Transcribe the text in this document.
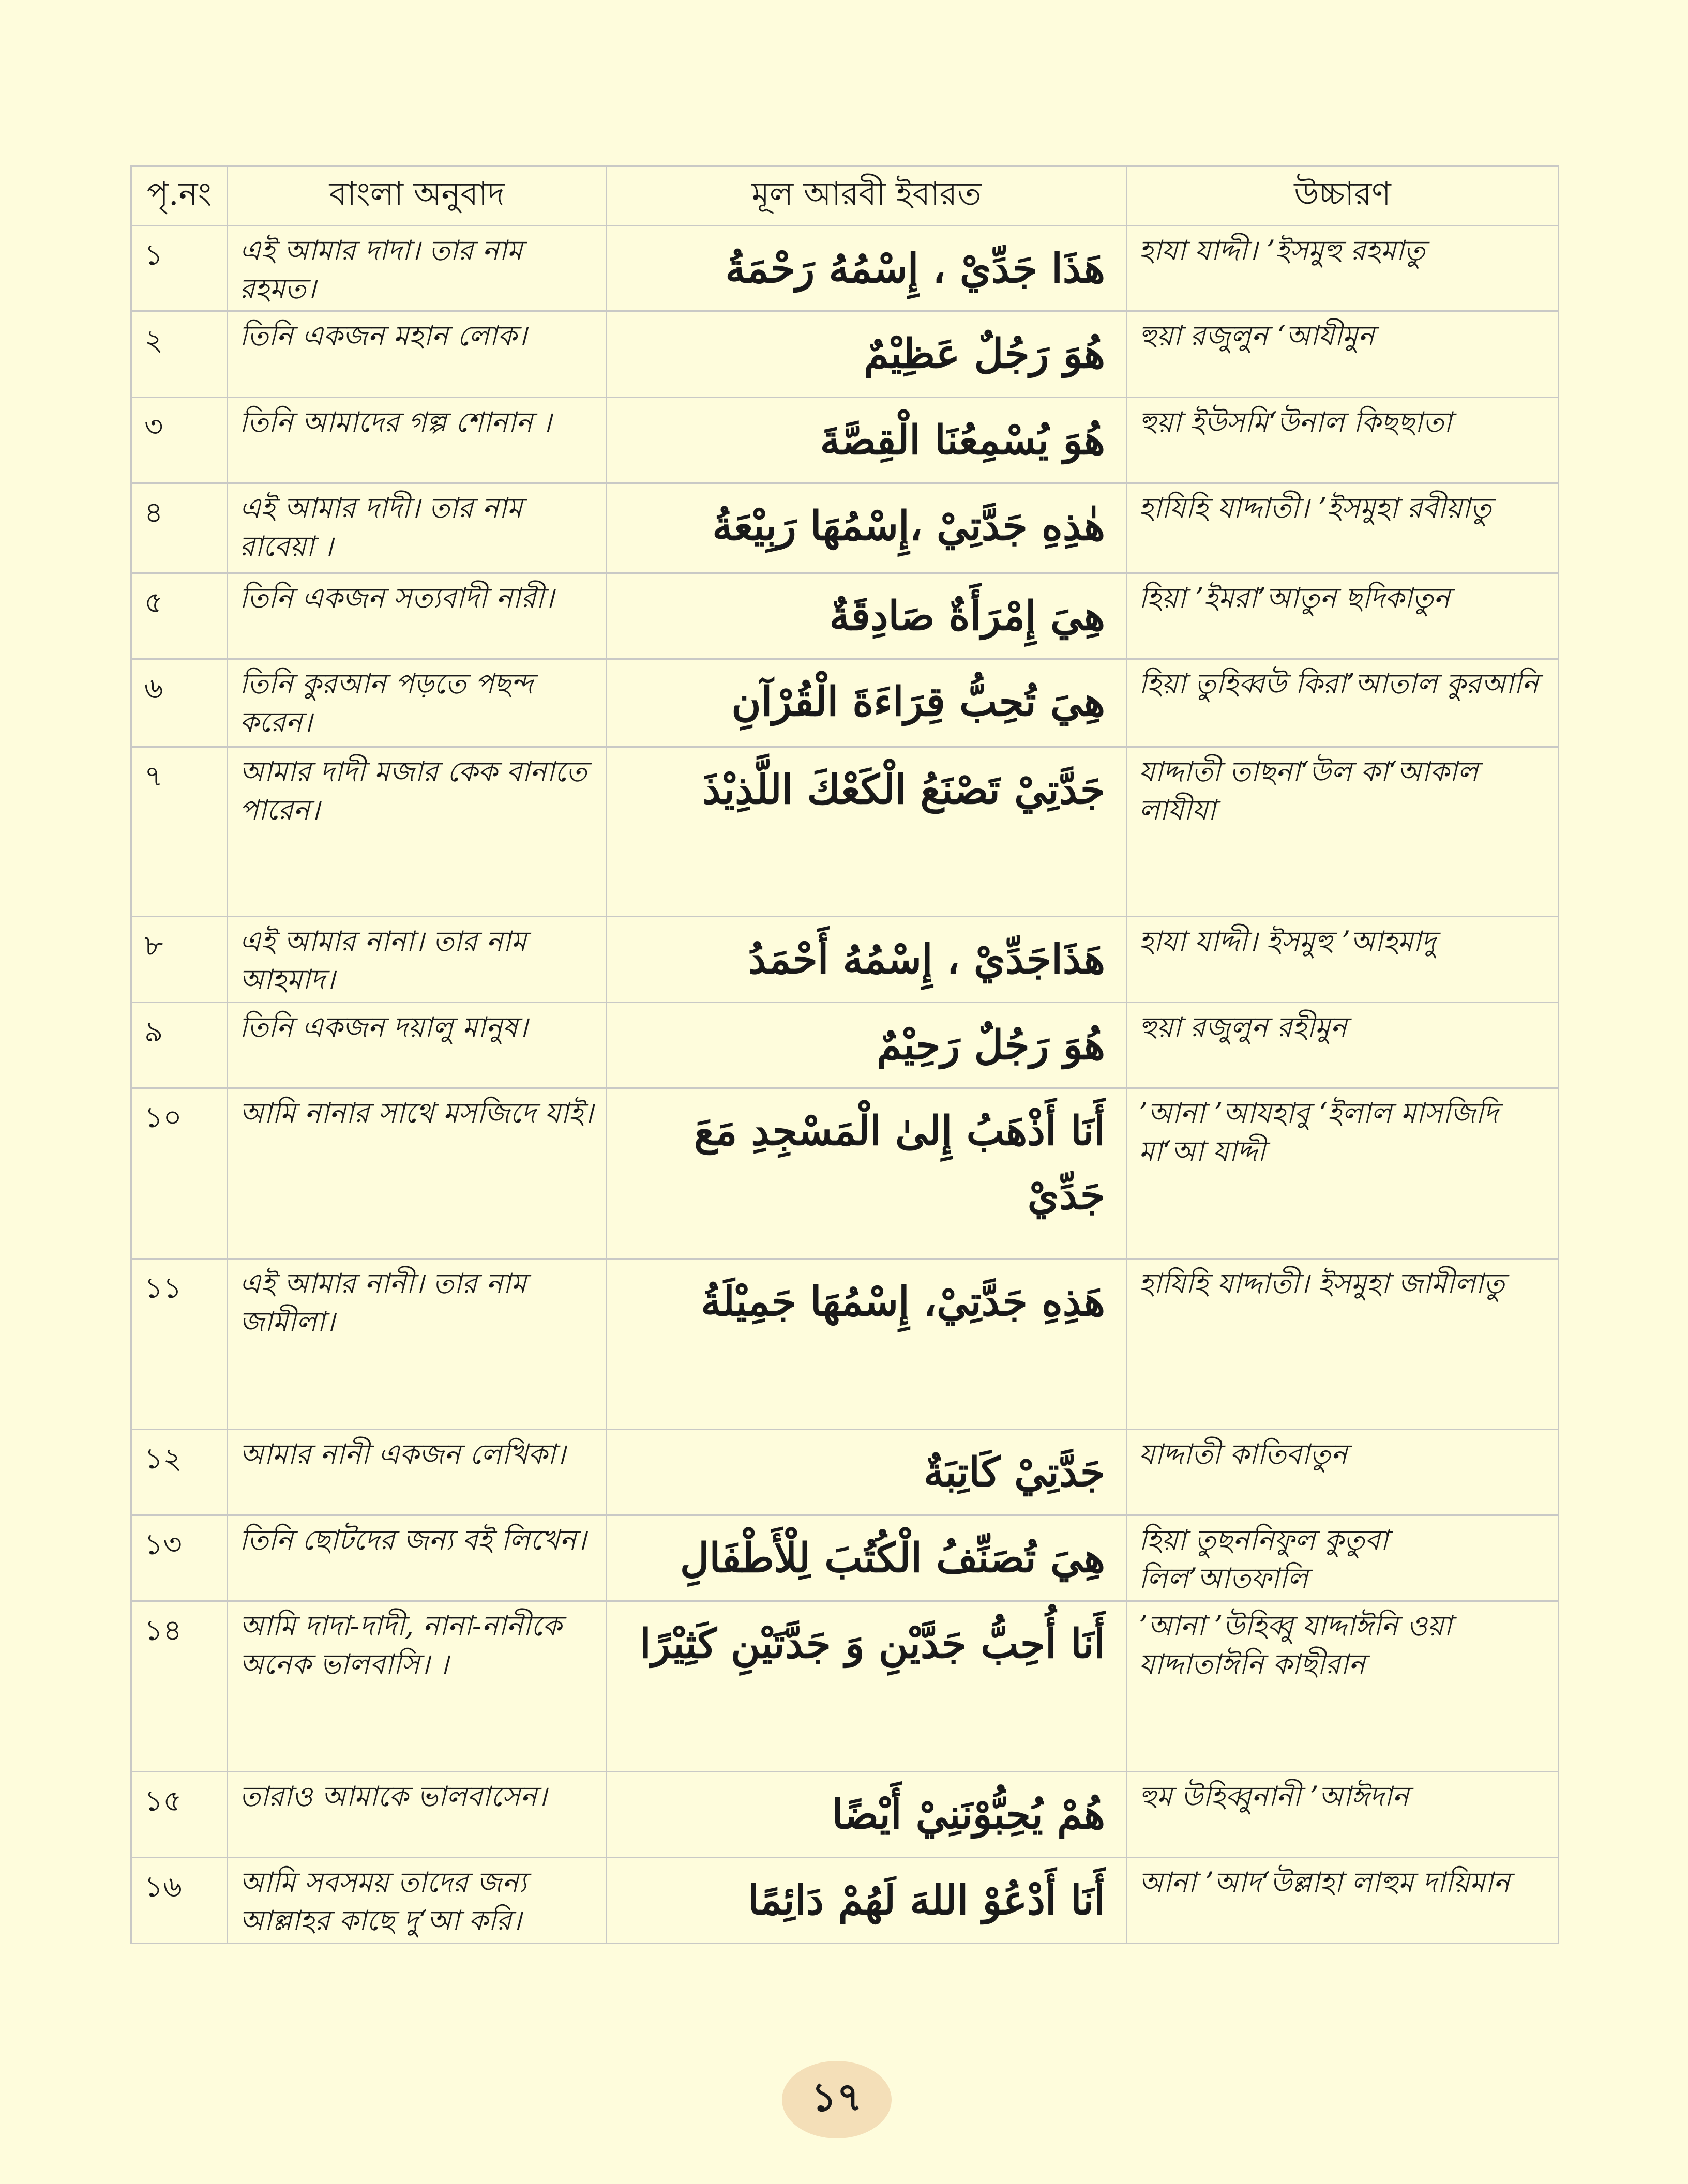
পৃ.নং	বাংলা অনুবাদ	মূল আরবী ইবারত	উচ্চারণ
১	এই আমার দাদা। তার নাম রহমত।	هَذَا جَدِّيْ ، إِسْمُهُ رَحْمَةُ	হাযা যাদ্দী। ’ইসমুহু রহমাতু
২	তিনি একজন মহান লোক।	هُوَ رَجُلٌ عَظِيْمٌ	হুয়া রজুলুন ‘আযীমুন
৩	তিনি আমাদের গল্প শোনান ।	هُوَ يُسْمِعُنَا الْقِصَّةَ	হুয়া ইউসমি‘উনাল কিছছাতা
৪	এই আমার দাদী। তার নাম রাবেয়া ।	هٰذِهِ جَدَّتِيْ ،إِسْمُهَا رَبِيْعَةُ	হাযিহি যাদ্দাতী। ’ইসমুহা রবীয়াতু
৫	তিনি একজন সত্যবাদী নারী।	هِيَ إِمْرَأَةٌ صَادِقَةٌ	হিয়া ’ইমরা’আতুন ছদিকাতুন
৬	তিনি কুরআন পড়তে পছন্দ করেন।	هِيَ تُحِبُّ قِرَاءَةَ الْقُرْآنِ	হিয়া তুহিব্বউ কিরা’আতাল কুরআনি
৭	আমার দাদী মজার কেক বানাতে পারেন।	جَدَّتِيْ تَصْنَعُ الْكَعْكَ اللَّذِيْذَ	যাদ্দাতী তাছনা‘উল কা‘আকাল লাযীযা
৮	এই আমার নানা। তার নাম আহমাদ।	هَذَاجَدِّيْ ، إِسْمُهُ أَحْمَدُ	হাযা যাদ্দী। ইসমুহু ’আহমাদু
৯	তিনি একজন দয়ালু মানুষ।	هُوَ رَجُلٌ رَحِيْمٌ	হুয়া রজুলুন রহীমুন
১০	আমি নানার সাথে মসজিদে যাই।	أَنَا أَذْهَبُ إِلىٰ الْمَسْجِدِ مَعَ جَدِّيْ	’আনা ’আযহাবু ‘ইলাল মাসজিদি মা‘আ যাদ্দী
১১	এই আমার নানী। তার নাম জামীলা।	هَذِهِ جَدَّتِيْ، إِسْمُهَا جَمِيْلَةُ	হাযিহি যাদ্দাতী। ইসমুহা জামীলাতু
১২	আমার নানী একজন লেখিকা।	جَدَّتِيْ كَاتِبَةٌ	যাদ্দাতী কাতিবাতুন
১৩	তিনি ছোটদের জন্য বই লিখেন।	هِيَ تُصَنِّفُ الْكُتُبَ لِلْأَطْفَالِ	হিয়া তুছননিফুল কুতুবা লিল’আতফালি
১৪	আমি দাদা-দাদী, নানা-নানীকে অনেক ভালবাসি। ।	أَنَا أُحِبُّ جَدَّيْنِ وَ جَدَّتَيْنِ كَثِيْرًا	’আনা ’উহিব্বু যাদ্দাঈনি ওয়া যাদ্দাতাঈনি কাছীরান
১৫	তারাও আমাকে ভালবাসেন।	هُمْ يُحِبُّوْنَنِيْ أَيْضًا	হুম উহিব্বুনানী ’আঈদান
১৬	আমি সবসময় তাদের জন্য আল্লাহর কাছে দু‘আ করি।	أَنَا أَدْعُوْ اللهَ لَهُمْ دَائِمًا	আনা ’আদ‘উল্লাহা লাহুম দায়িমান
১৭
